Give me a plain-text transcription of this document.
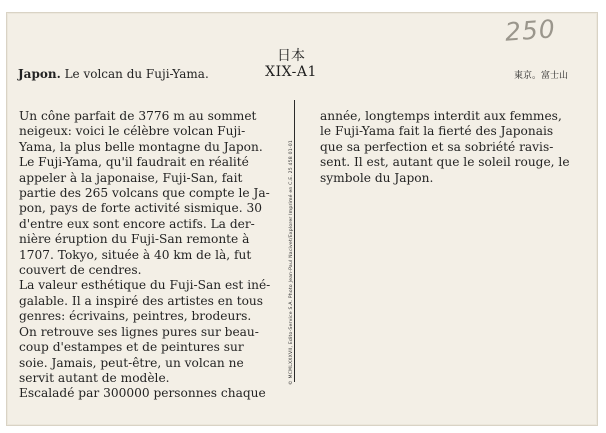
250
Japon. Le volcan du Fuji-Yama.
日本
XIX-A1	東京。富士山
Un cône parfait de 3776 m au sommet
neigeux: voici le célèbre volcan Fuji-
Yama, la plus belle montagne du Japon.
Le Fuji-Yama, qu'il faudrait en réalité
appeler à la japonaise, Fuji-San, fait
partie des 265 volcans que compte le Ja-
pon, pays de forte activité sismique. 30
d'entre eux sont encore actifs. La der-
nière éruption du Fuji-San remonte à
1707. Tokyo, située à 40 km de là, fut
couvert de cendres.
La valeur esthétique du Fuji-San est iné-
galable. Il a inspiré des artistes en tous
genres: écrivains, peintres, brodeurs.
On retrouve ses lignes pures sur beau-
coup d'estampes et de peintures sur
soie. Jamais, peut-être, un volcan ne
servit autant de modèle.
Escaladé par 300000 personnes chaque
© MCMLXXXVII, Edito-Service S.A. Photo Jean-Paul Nacivet/Explorer Imprimé en C.E. 25 458 01-01
année, longtemps interdit aux femmes,
le Fuji-Yama fait la fierté des Japonais
que sa perfection et sa sobriété ravis-
sent. Il est, autant que le soleil rouge, le
symbole du Japon.
